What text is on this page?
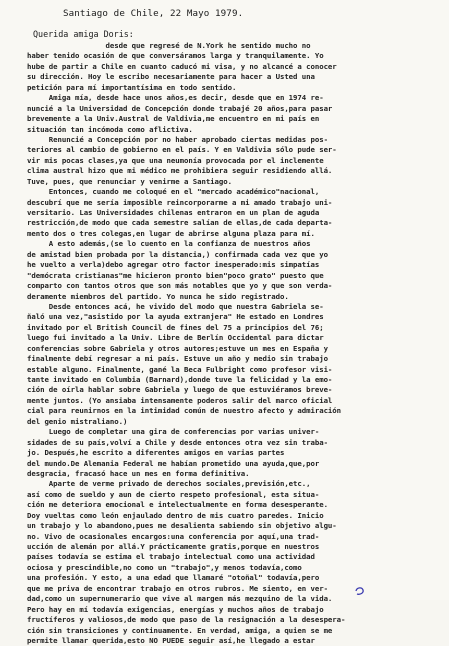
Santiago de Chile, 22 Mayo 1979.
Querida amiga Doris:
desde que regresé de N.York he sentido mucho no
haber tenido ocasión de que conversáramos larga y tranquilamente. Yo
hube de partir a Chile en cuanto caducó mi visa, y no alcancé a conocer
su dirección. Hoy le escribo necesariamente para hacer a Usted una
petición para mí importantísima en todo sentido.
Amiga mía, desde hace unos años,es decir, desde que en 1974 re-
nuncié a la Universidad de Concepción donde trabajé 20 años,para pasar
brevemente a la Univ.Austral de Valdivia,me encuentro en mi país en
situación tan incómoda como aflictiva.
Renuncié a Concepción por no haber aprobado ciertas medidas pos-
teriores al cambio de gobierno en el país. Y en Valdivia sólo pude ser-
vir mis pocas clases,ya que una neumonía provocada por el inclemente
clima austral hizo que mi médico me prohibiera seguir residiendo allá.
Tuve, pues, que renunciar y venirme a Santiago.
Entonces, cuando me coloqué en el "mercado académico"nacional,
descubrí que me sería imposible reincorporarme a mi amado trabajo uni-
versitario. Las Universidades chilenas entraron en un plan de aguda
restricción,de modo que cada semestre salían de ellas,de cada departa-
mento dos o tres colegas,en lugar de abrirse alguna plaza para mí.
A esto además,(se lo cuento en la confianza de nuestros años
de amistad bien probada por la distancia,) confirmada cada vez que yo
he vuelto a verla)debo agregar otro factor inesperado:mis simpatías
"demócrata cristianas"me hicieron pronto bien"poco grato" puesto que
comparto con tantos otros que son más notables que yo y que son verda-
deramente miembros del partido. Yo nunca he sido registrado.
Desde entonces acá, he vivido del modo que nuestra Gabriela se-
ñaló una vez,"asistido por la ayuda extranjera" He estado en Londres
invitado por el British Council de fines del 75 a principios del 76;
luego fui invitado a la Univ. Libre de Berlín Occidental para dictar
conferencias sobre Gabriela y otros autores;estuve un mes en España y
finalmente debí regresar a mi país. Estuve un año y medio sin trabajo
estable alguno. Finalmente, gané la Beca Fulbright como profesor visi-
tante invitado en Columbia (Barnard),donde tuve la felicidad y la emo-
ción de oírla hablar sobre Gabriela y luego de que estuviéramos breve-
mente juntos. (Yo ansiaba intensamente poderos salir del marco oficial
cial para reunirnos en la intimidad común de nuestro afecto y admiración
del genio mistraliano.)
Luego de completar una gira de conferencias por varias univer-
sidades de su país,volví a Chile y desde entonces otra vez sin traba-
jo. Después,he escrito a diferentes amigos en varias partes
del mundo.De Alemania Federal me habían prometido una ayuda,que,por
desgracia, fracasó hace un mes en forma definitiva.
Aparte de verme privado de derechos sociales,previsión,etc.,
así como de sueldo y aun de cierto respeto profesional, esta situa-
ción me deteriora emocional e intelectualmente en forma desesperante.
Doy vueltas como león enjaulado dentro de mis cuatro paredes. Inicio
un trabajo y lo abandono,pues me desalienta sabiendo sin objetivo algu-
no. Vivo de ocasionales encargos:una conferencia por aquí,una trad-
ucción de alemán por allá.Y prácticamente gratis,porque en nuestros
países todavía se estima el trabajo intelectual como una actividad
ociosa y prescindible,no como un "trabajo",y menos todavía,como
una profesión. Y esto, a una edad que llamaré "otoñal" todavía,pero
que me priva de encontrar trabajo en otros rubros. Me siento, en ver-
dad,como un supernumerario que vive al margen más mezquino de la vida.
Pero hay en mí todavía exigencias, energías y muchos años de trabajo
fructíferos y valiosos,de modo que paso de la resignación a la desespera-
ción sin transiciones y continuamente. En verdad, amiga, a quien se me
permite llamar querida,esto NO PUEDE seguir así,he llegado a estar
